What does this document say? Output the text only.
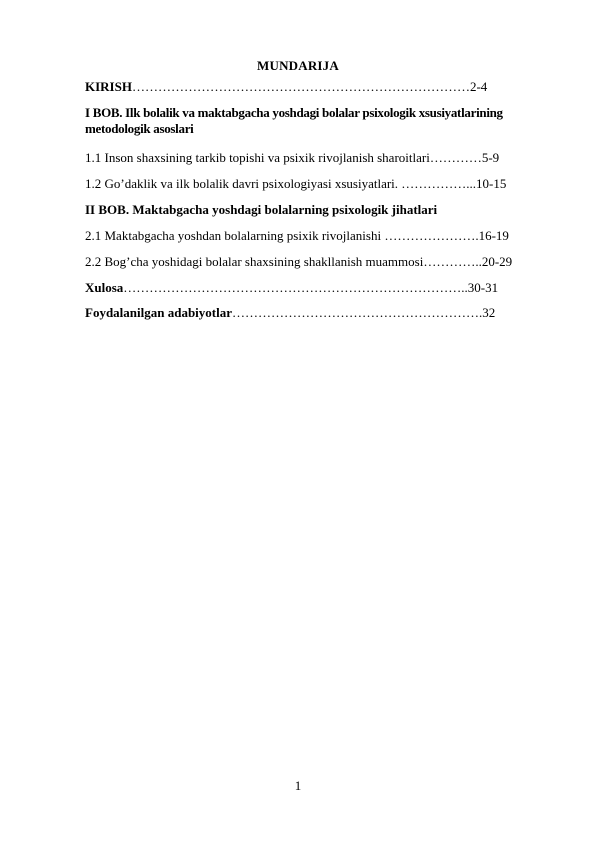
MUNDARIJA
KIRISH……………………………………………………………………2-4
I BOB. Ilk bolalik va maktabgacha yoshdagi bolalar psixologik xsusiyatlarining metodologik asoslari
1.1 Inson shaxsining tarkib topishi va psixik rivojlanish sharoitlari…………5-9
1.2 Go’daklik va ilk bolalik davri psixologiyasi xsusiyatlari. ……………...10-15
II BOB. Maktabgacha yoshdagi bolalarning psixologik jihatlari
2.1 Maktabgacha yoshdan bolalarning psixik rivojlanishi ………………….16-19
2.2 Bog’cha yoshidagi bolalar shaxsining shakllanish muammosi…………..20-29
Xulosa……………………………………………………………………..30-31
Foydalanilgan adabiyotlar………………………………………………….32
1
